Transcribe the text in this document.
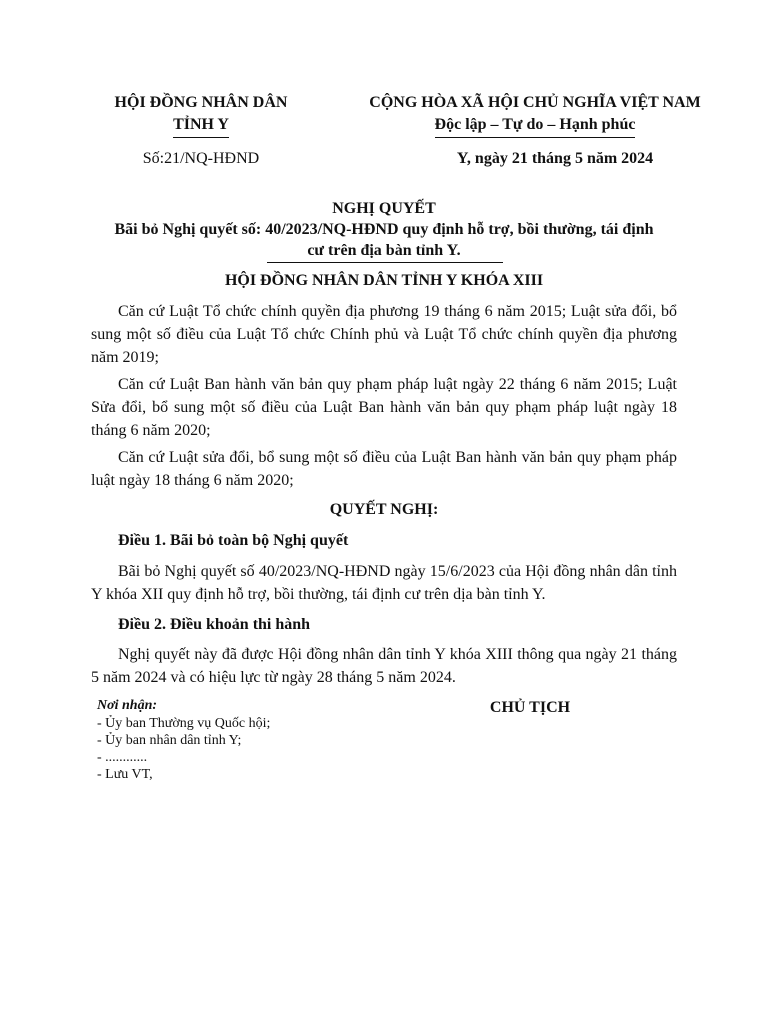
HỘI ĐỒNG NHÂN DÂN
TỈNH Y
Số:21/NQ-HĐND
CỘNG HÒA XÃ HỘI CHỦ NGHĨA VIỆT NAM
Độc lập – Tự do – Hạnh phúc
Y, ngày 21 tháng 5 năm 2024
NGHỊ QUYẾT
Bãi bỏ Nghị quyết số: 40/2023/NQ-HĐND quy định hỗ trợ, bồi thường, tái định
cư trên địa bàn tỉnh Y.
HỘI ĐỒNG NHÂN DÂN TỈNH Y KHÓA XIII

Căn cứ Luật Tổ chức chính quyền địa phương 19 tháng 6 năm 2015; Luật sửa đổi, bổ sung một số điều của Luật Tổ chức Chính phủ và Luật Tổ chức chính quyền địa phương năm 2019;

Căn cứ Luật Ban hành văn bản quy phạm pháp luật ngày 22 tháng 6 năm 2015; Luật Sửa đổi, bổ sung một số điều của Luật Ban hành văn bản quy phạm pháp luật ngày 18 tháng 6 năm 2020;

Căn cứ Luật sửa đổi, bổ sung một số điều của Luật Ban hành văn bản quy phạm pháp luật ngày 18 tháng 6 năm 2020;

QUYẾT NGHỊ:
Điều 1. Bãi bỏ toàn bộ Nghị quyết

Bãi bỏ Nghị quyết số 40/2023/NQ-HĐND ngày 15/6/2023 của Hội đồng nhân dân tỉnh Y khóa XII quy định hỗ trợ, bồi thường, tái định cư trên dịa bàn tỉnh Y.

Điều 2. Điều khoản thi hành

Nghị quyết này đã được Hội đồng nhân dân tỉnh Y khóa XIII thông qua ngày 21 tháng 5 năm 2024 và có hiệu lực từ ngày 28 tháng 5 năm 2024.

Nơi nhận:
- Ủy ban Thường vụ Quốc hội;
- Ủy ban nhân dân tỉnh Y;
- ............
- Lưu VT,
CHỦ TỊCH
